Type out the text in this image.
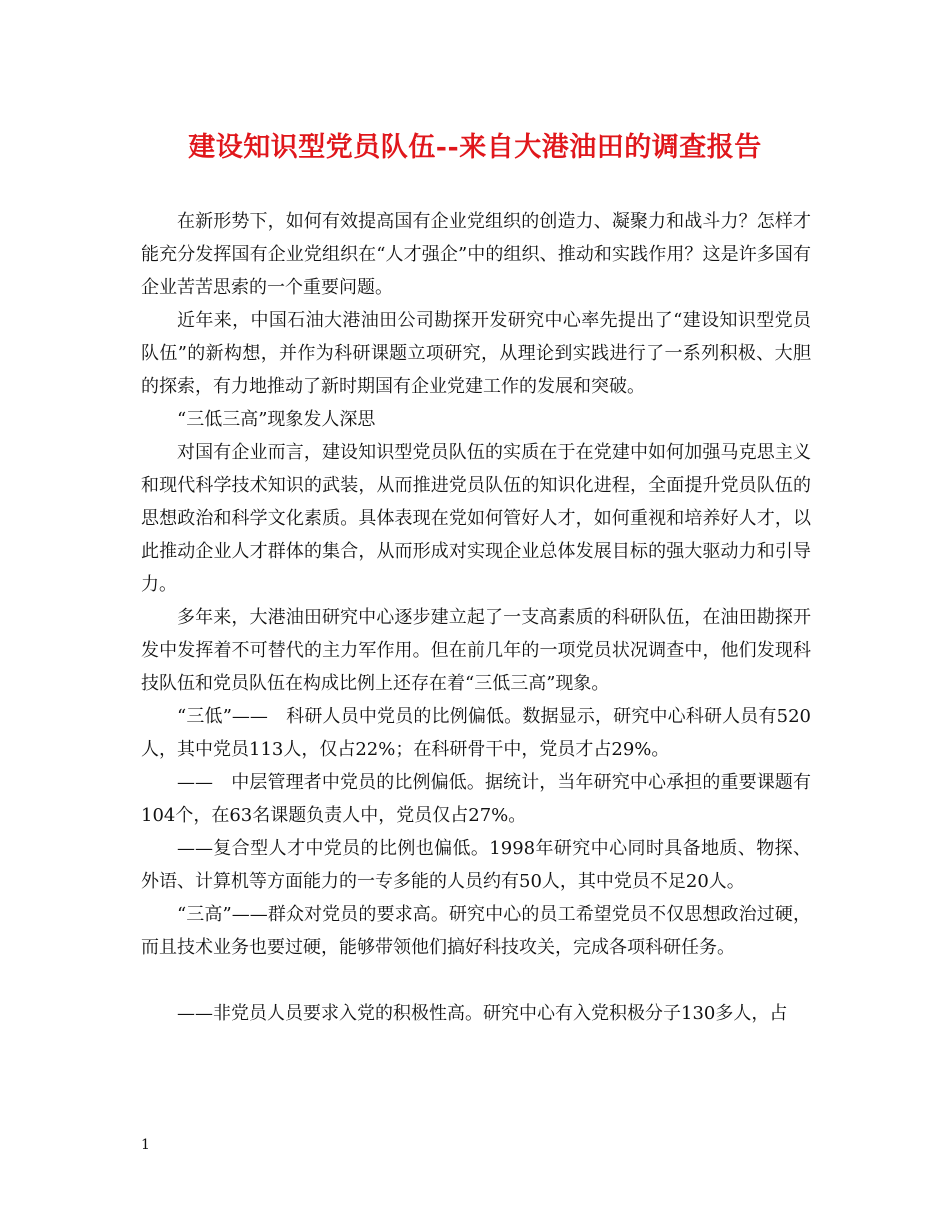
建设知识型党员队伍--来自大港油田的调查报告

在新形势下，如何有效提高国有企业党组织的创造力、凝聚力和战斗力？怎样才能充分发挥国有企业党组织在“人才强企”中的组织、推动和实践作用？这是许多国有企业苦苦思索的一个重要问题。

近年来，中国石油大港油田公司勘探开发研究中心率先提出了“建设知识型党员队伍”的新构想，并作为科研课题立项研究，从理论到实践进行了一系列积极、大胆的探索，有力地推动了新时期国有企业党建工作的发展和突破。

“三低三高”现象发人深思

对国有企业而言，建设知识型党员队伍的实质在于在党建中如何加强马克思主义和现代科学技术知识的武装，从而推进党员队伍的知识化进程，全面提升党员队伍的思想政治和科学文化素质。具体表现在党如何管好人才，如何重视和培养好人才，以此推动企业人才群体的集合，从而形成对实现企业总体发展目标的强大驱动力和引导力。

多年来，大港油田研究中心逐步建立起了一支高素质的科研队伍，在油田勘探开发中发挥着不可替代的主力军作用。但在前几年的一项党员状况调查中，他们发现科技队伍和党员队伍在构成比例上还存在着“三低三高”现象。

“三低”——　科研人员中党员的比例偏低。数据显示，研究中心科研人员有520人，其中党员113人，仅占22%；在科研骨干中，党员才占29%。

——　中层管理者中党员的比例偏低。据统计，当年研究中心承担的重要课题有104个，在63名课题负责人中，党员仅占27%。

——复合型人才中党员的比例也偏低。1998年研究中心同时具备地质、物探、外语、计算机等方面能力的一专多能的人员约有50人，其中党员不足20人。

“三高”——群众对党员的要求高。研究中心的员工希望党员不仅思想政治过硬，而且技术业务也要过硬，能够带领他们搞好科技攻关，完成各项科研任务。

——非党员人员要求入党的积极性高。研究中心有入党积极分子130多人，占

1
